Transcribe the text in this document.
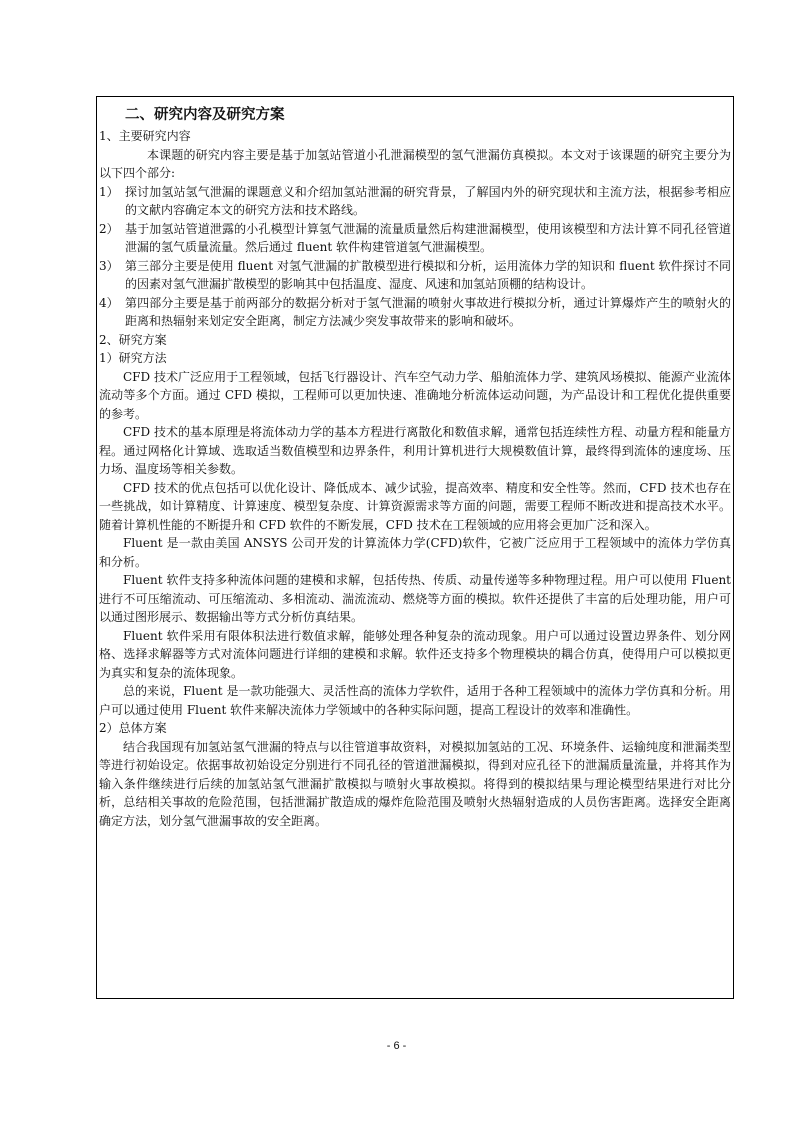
二、研究内容及研究方案

1、主要研究内容

本课题的研究内容主要是基于加氢站管道小孔泄漏模型的氢气泄漏仿真模拟。本文对于该课题的研究主要分为以下四个部分:

1） 探讨加氢站氢气泄漏的课题意义和介绍加氢站泄漏的研究背景，了解国内外的研究现状和主流方法，根据参考相应的文献内容确定本文的研究方法和技术路线。
2） 基于加氢站管道泄露的小孔模型计算氢气泄漏的流量质量然后构建泄漏模型，使用该模型和方法计算不同孔径管道泄漏的氢气质量流量。然后通过 fluent 软件构建管道氢气泄漏模型。
3） 第三部分主要是使用 fluent 对氢气泄漏的扩散模型进行模拟和分析，运用流体力学的知识和 fluent 软件探讨不同的因素对氢气泄漏扩散模型的影响其中包括温度、湿度、风速和加氢站顶棚的结构设计。
4） 第四部分主要是基于前两部分的数据分析对于氢气泄漏的喷射火事故进行模拟分析，通过计算爆炸产生的喷射火的距离和热辐射来划定安全距离，制定方法减少突发事故带来的影响和破坏。

2、研究方案

1）研究方法

CFD 技术广泛应用于工程领域，包括飞行器设计、汽车空气动力学、船舶流体力学、建筑风场模拟、能源产业流体流动等多个方面。通过 CFD 模拟，工程师可以更加快速、准确地分析流体运动问题，为产品设计和工程优化提供重要的参考。

CFD 技术的基本原理是将流体动力学的基本方程进行离散化和数值求解，通常包括连续性方程、动量方程和能量方程。通过网格化计算域、选取适当数值模型和边界条件，利用计算机进行大规模数值计算，最终得到流体的速度场、压力场、温度场等相关参数。

CFD 技术的优点包括可以优化设计、降低成本、减少试验，提高效率、精度和安全性等。然而，CFD 技术也存在一些挑战，如计算精度、计算速度、模型复杂度、计算资源需求等方面的问题，需要工程师不断改进和提高技术水平。随着计算机性能的不断提升和 CFD 软件的不断发展，CFD 技术在工程领域的应用将会更加广泛和深入。

Fluent 是一款由美国 ANSYS 公司开发的计算流体力学(CFD)软件，它被广泛应用于工程领域中的流体力学仿真和分析。

Fluent 软件支持多种流体问题的建模和求解，包括传热、传质、动量传递等多种物理过程。用户可以使用 Fluent 进行不可压缩流动、可压缩流动、多相流动、湍流流动、燃烧等方面的模拟。软件还提供了丰富的后处理功能，用户可以通过图形展示、数据输出等方式分析仿真结果。

Fluent 软件采用有限体积法进行数值求解，能够处理各种复杂的流动现象。用户可以通过设置边界条件、划分网格、选择求解器等方式对流体问题进行详细的建模和求解。软件还支持多个物理模块的耦合仿真，使得用户可以模拟更为真实和复杂的流体现象。

总的来说，Fluent 是一款功能强大、灵活性高的流体力学软件，适用于各种工程领域中的流体力学仿真和分析。用户可以通过使用 Fluent 软件来解决流体力学领域中的各种实际问题，提高工程设计的效率和准确性。

2）总体方案

结合我国现有加氢站氢气泄漏的特点与以往管道事故资料，对模拟加氢站的工况、环境条件、运输纯度和泄漏类型等进行初始设定。依据事故初始设定分别进行不同孔径的管道泄漏模拟，得到对应孔径下的泄漏质量流量，并将其作为输入条件继续进行后续的加氢站氢气泄漏扩散模拟与喷射火事故模拟。将得到的模拟结果与理论模型结果进行对比分析，总结相关事故的危险范围，包括泄漏扩散造成的爆炸危险范围及喷射火热辐射造成的人员伤害距离。选择安全距离确定方法，划分氢气泄漏事故的安全距离。

- 6 -
